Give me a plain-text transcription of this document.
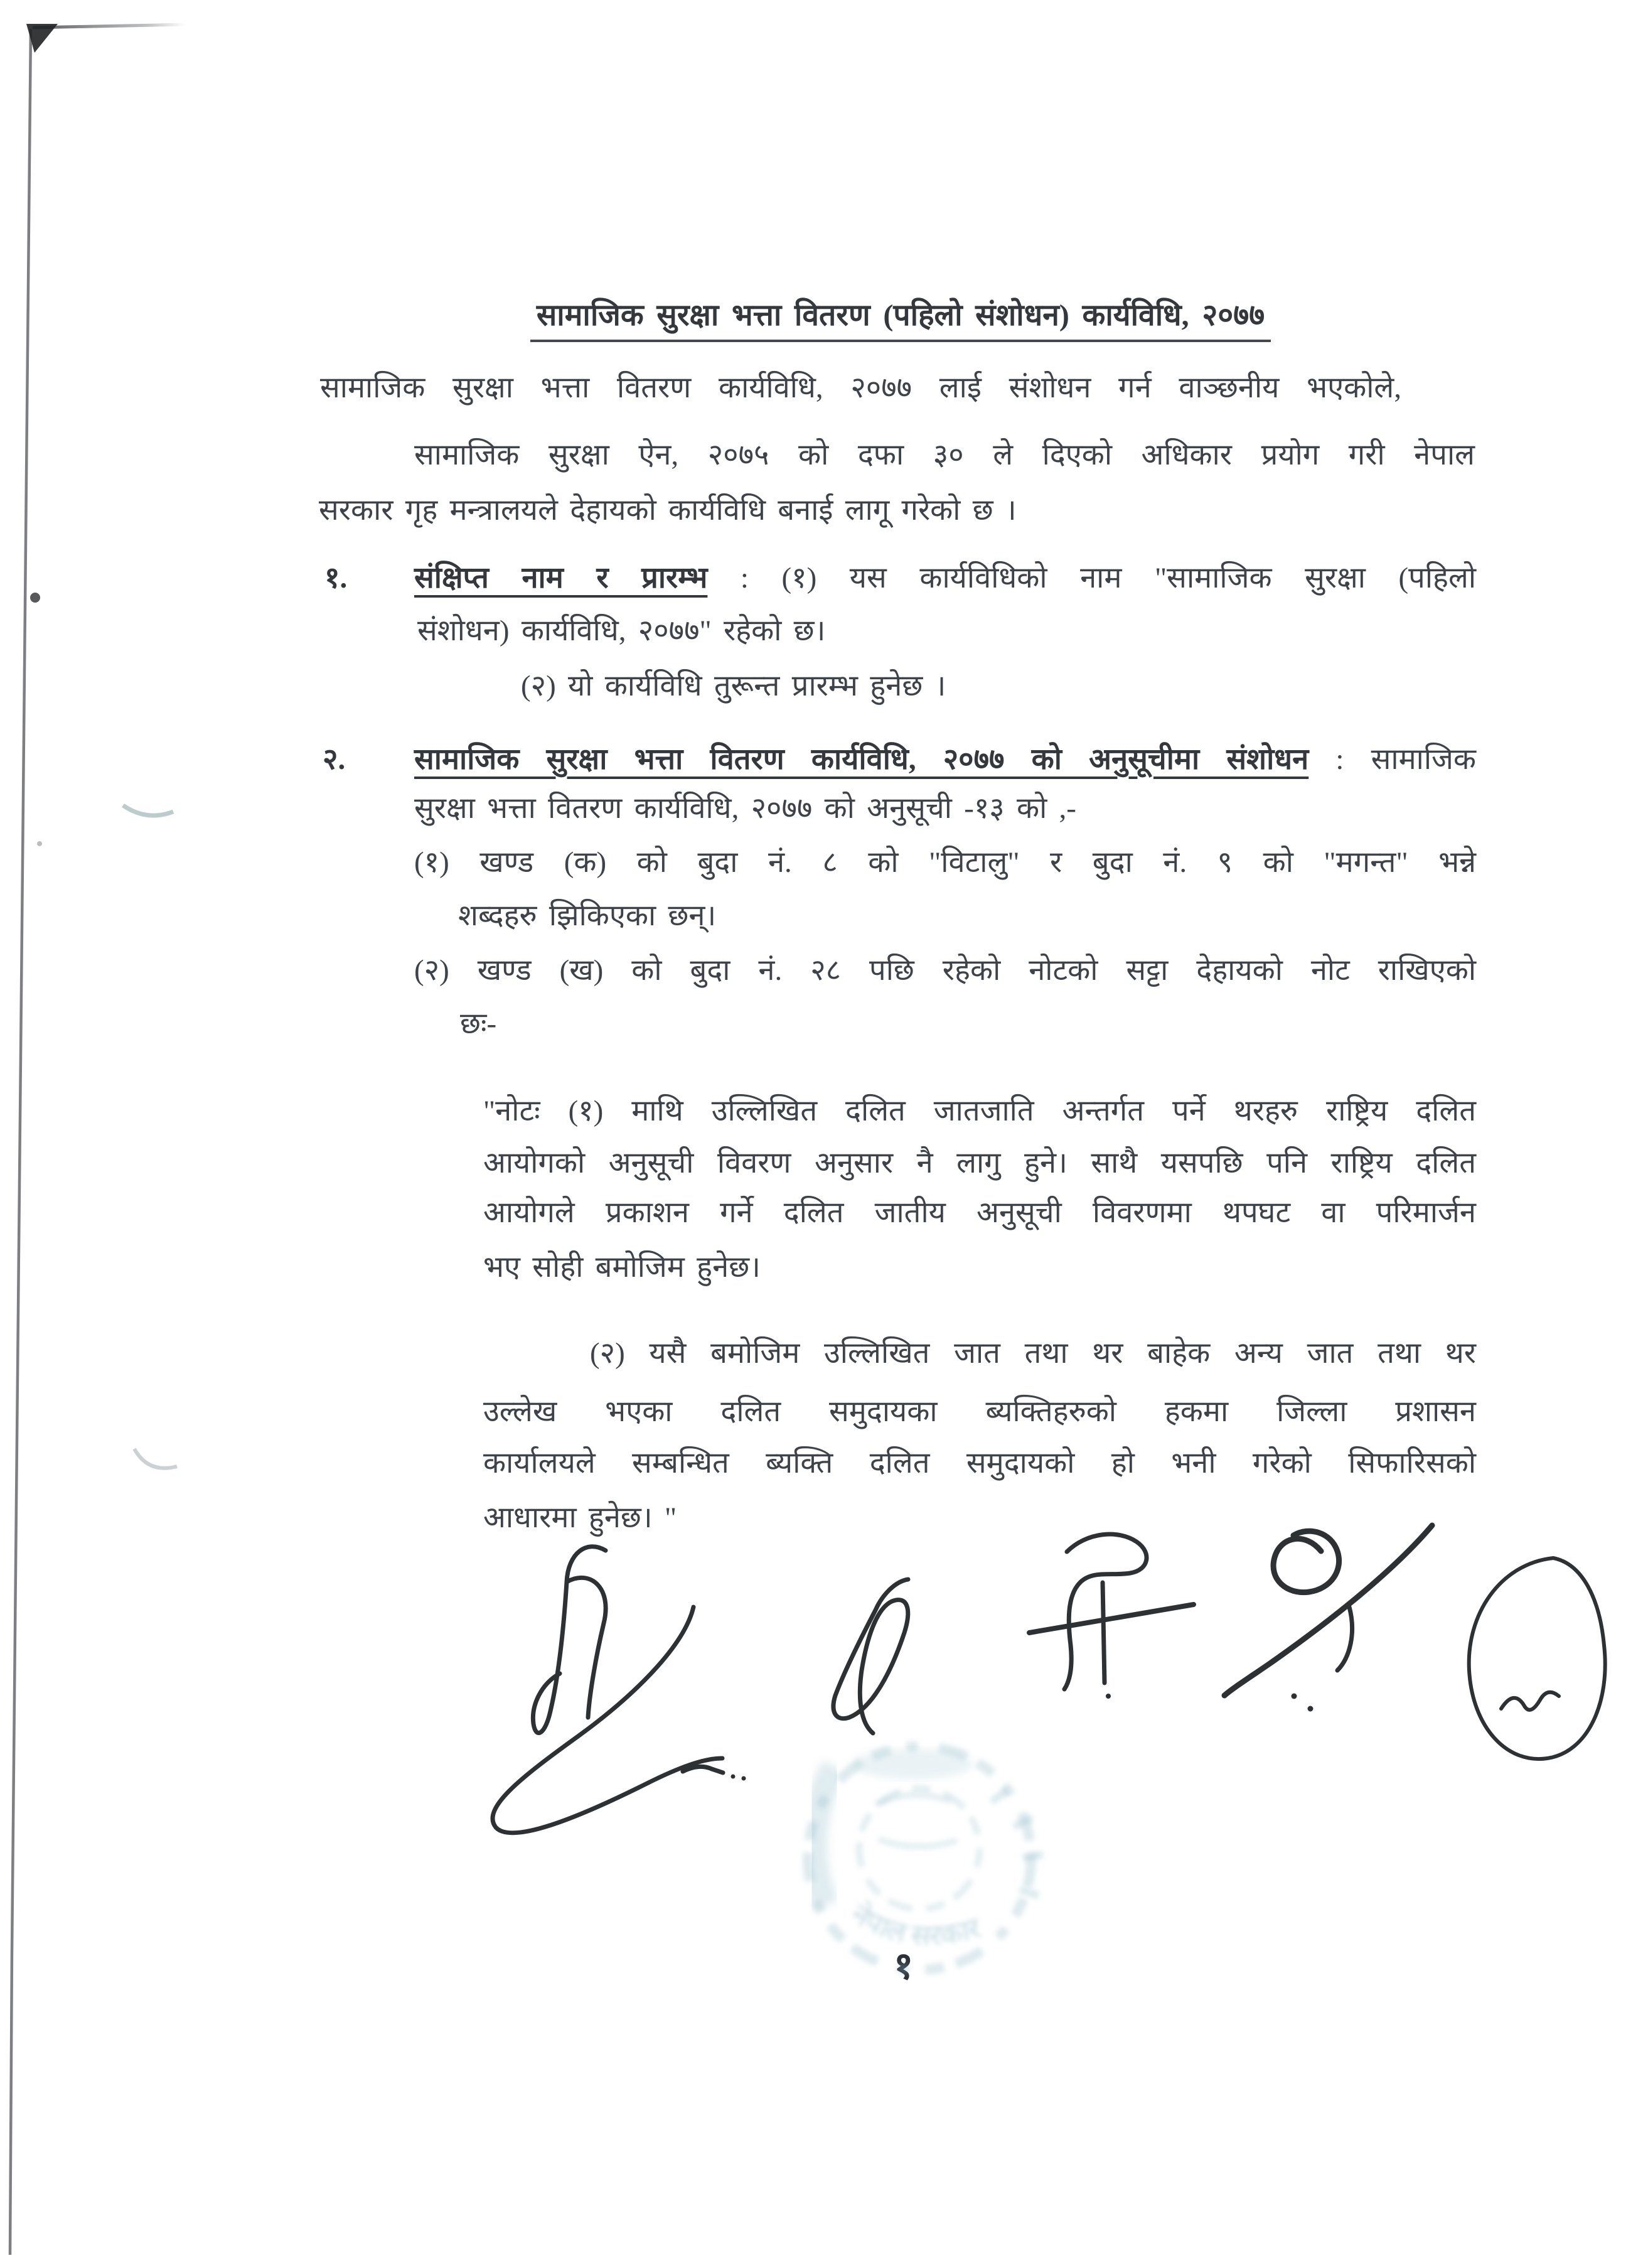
सामाजिक सुरक्षा भत्ता वितरण (पहिलो संशोधन) कार्यविधि, २०७७
सामाजिक सुरक्षा भत्ता वितरण कार्यविधि, २०७७ लाई संशोधन गर्न वाञ्छनीय भएकोले,
सामाजिक सुरक्षा ऐन, २०७५ को दफा ३० ले दिएको अधिकार प्रयोग गरी नेपाल
सरकार गृह मन्त्रालयले देहायको कार्यविधि बनाई लागू गरेको छ ।
१. संक्षिप्त नाम र प्रारम्भ : (१) यस कार्यविधिको नाम "सामाजिक सुरक्षा (पहिलो
संशोधन) कार्यविधि, २०७७" रहेको छ।
(२) यो कार्यविधि तुरून्त प्रारम्भ हुनेछ ।
२. सामाजिक सुरक्षा भत्ता वितरण कार्यविधि, २०७७ को अनुसूचीमा संशोधन : सामाजिक
सुरक्षा भत्ता वितरण कार्यविधि, २०७७ को अनुसूची -१३ को ,-
(१) खण्ड (क) को बुदा नं. ८ को "विटालु" र बुदा नं. ९ को "मगन्त" भन्ने
शब्दहरु झिकिएका छन्।
(२) खण्ड (ख) को बुदा नं. २८ पछि रहेको नोटको सट्टा देहायको नोट राखिएको
छः-
"नोटः (१) माथि उल्लिखित दलित जातजाति अन्तर्गत पर्ने थरहरु राष्ट्रिय दलित
आयोगको अनुसूची विवरण अनुसार नै लागु हुने। साथै यसपछि पनि राष्ट्रिय दलित
आयोगले प्रकाशन गर्ने दलित जातीय अनुसूची विवरणमा थपघट वा परिमार्जन
भए सोही बमोजिम हुनेछ।
(२) यसै बमोजिम उल्लिखित जात तथा थर बाहेक अन्य जात तथा थर
उल्लेख भएका दलित समुदायका ब्यक्तिहरुको हकमा जिल्ला प्रशासन
कार्यालयले सम्बन्धित ब्यक्ति दलित समुदायको हो भनी गरेको सिफारिसको
आधारमा हुनेछ। "
१
नेपाल सरकार
